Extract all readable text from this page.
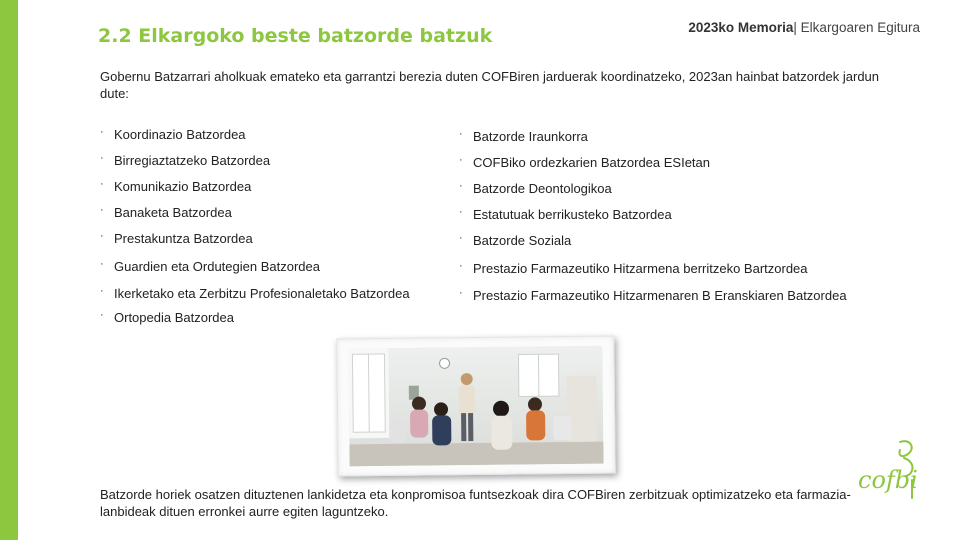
2.2 Elkargoko beste batzorde batzuk	2023ko Memoria| Elkargoaren Egitura

Gobernu Batzarrari aholkuak emateko eta garrantzi berezia duten COFBiren jarduerak koordinatzeko, 2023an hainbat batzordek jardun dute:

· Koordinazio Batzordea
· Birregiaztatzeko Batzordea
· Komunikazio Batzordea
· Banaketa Batzordea
· Prestakuntza Batzordea
· Guardien eta Ordutegien Batzordea
· Ikerketako eta Zerbitzu Profesionaletako Batzordea
· Ortopedia Batzordea
· Batzorde Iraunkorra
· COFBiko ordezkarien Batzordea ESIetan
· Batzorde Deontologikoa
· Estatutuak berrikusteko Batzordea
· Batzorde Soziala
· Prestazio Farmazeutiko Hitzarmena berritzeko Bartzordea
· Prestazio Farmazeutiko Hitzarmenaren B Eranskiaren Batzordea

Batzorde horiek osatzen dituztenen lankidetza eta konpromisoa funtsezkoak dira COFBiren zerbitzuak optimizatzeko eta farmazia-lanbideak dituen erronkei aurre egiten laguntzeko.

cofbi
